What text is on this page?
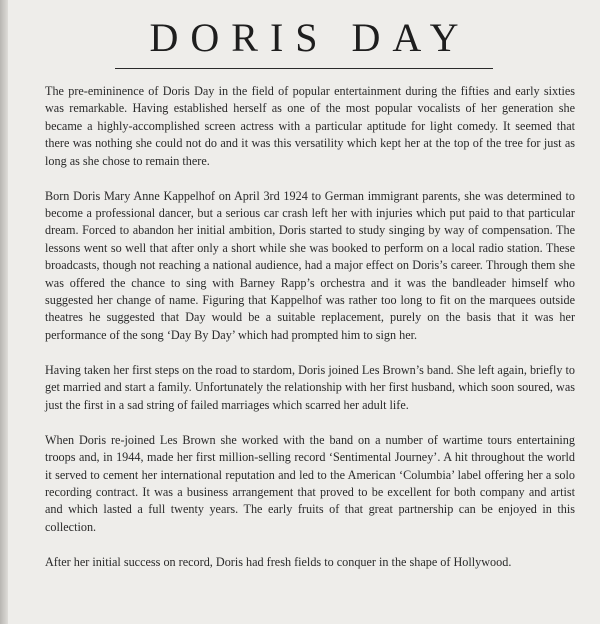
DORIS DAY

The pre-emininence of Doris Day in the field of popular entertainment during the fifties and early sixties was remarkable. Having established herself as one of the most popular vocalists of her generation she became a highly-accomplished screen actress with a particular aptitude for light comedy. It seemed that there was nothing she could not do and it was this versatility which kept her at the top of the tree for just as long as she chose to remain there.

Born Doris Mary Anne Kappelhof on April 3rd 1924 to German immigrant parents, she was determined to become a professional dancer, but a serious car crash left her with injuries which put paid to that particular dream. Forced to abandon her initial ambition, Doris started to study singing by way of compensation. The lessons went so well that after only a short while she was booked to perform on a local radio station. These broadcasts, though not reaching a national audience, had a major effect on Doris’s career. Through them she was offered the chance to sing with Barney Rapp’s orchestra and it was the bandleader himself who suggested her change of name. Figuring that Kappelhof was rather too long to fit on the marquees outside theatres he suggested that Day would be a suitable replacement, purely on the basis that it was her performance of the song ‘Day By Day’ which had prompted him to sign her.

Having taken her first steps on the road to stardom, Doris joined Les Brown’s band. She left again, briefly to get married and start a family. Unfortunately the relationship with her first husband, which soon soured, was just the first in a sad string of failed marriages which scarred her adult life.

When Doris re-joined Les Brown she worked with the band on a number of wartime tours entertaining troops and, in 1944, made her first million-selling record ‘Sentimental Journey’. A hit throughout the world it served to cement her international reputation and led to the American ‘Columbia’ label offering her a solo recording contract. It was a business arrangement that proved to be excellent for both company and artist and which lasted a full twenty years. The early fruits of that great partnership can be enjoyed in this collection.

After her initial success on record, Doris had fresh fields to conquer in the shape of Hollywood.
